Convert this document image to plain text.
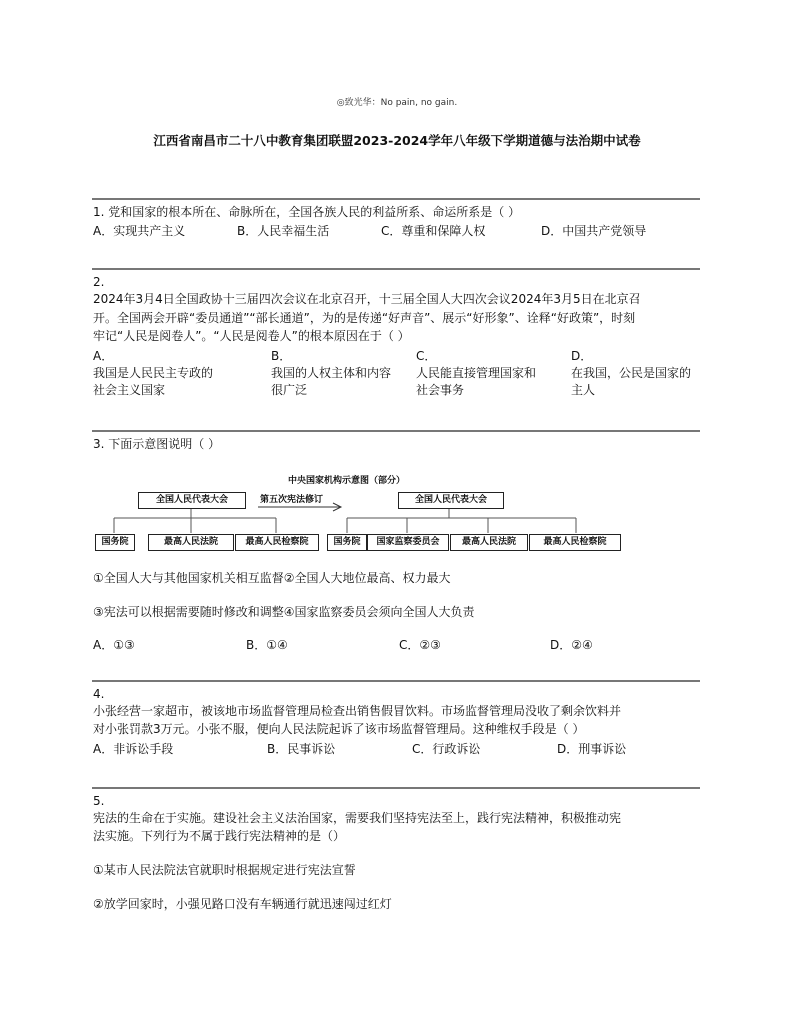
◎致光华：No pain, no gain.
江西省南昌市二十八中教育集团联盟2023-2024学年八年级下学期道德与法治期中试卷
1. 党和国家的根本所在、命脉所在，全国各族人民的利益所系、命运所系是（ ）
A．实现共产主义	B．人民幸福生活	C．尊重和保障人权	D．中国共产党领导
2.
2024年3月4日全国政协十三届四次会议在北京召开，十三届全国人大四次会议2024年3月5日在北京召
开。全国两会开辟“委员通道”“部长通道”，为的是传递“好声音”、展示“好形象”、诠释“好政策”，时刻
牢记“人民是阅卷人”。“人民是阅卷人”的根本原因在于（ ）
A．
我国是人民民主专政的社会主义国家
B．
我国的人权主体和内容很广泛
C．
人民能直接管理国家和社会事务
D．
在我国，公民是国家的主人
3. 下面示意图说明（ ）
中央国家机构示意图（部分）
第五次宪法修订
全国人民代表大会
国务院	最高人民法院	最高人民检察院
全国人民代表大会
国务院	国家监察委员会	最高人民法院	最高人民检察院
①全国人大与其他国家机关相互监督②全国人大地位最高、权力最大
③宪法可以根据需要随时修改和调整④国家监察委员会须向全国人大负责
A．①③	B．①④	C．②③	D．②④
4.
小张经营一家超市，被该地市场监督管理局检查出销售假冒饮料。市场监督管理局没收了剩余饮料并
对小张罚款3万元。小张不服，便向人民法院起诉了该市场监督管理局。这种维权手段是（ ）
A．非诉讼手段	B．民事诉讼	C．行政诉讼	D．刑事诉讼
5.
宪法的生命在于实施。建设社会主义法治国家，需要我们坚持宪法至上，践行宪法精神，积极推动宪
法实施。下列行为不属于践行宪法精神的是（）
①某市人民法院法官就职时根据规定进行宪法宣誓
②放学回家时，小强见路口没有车辆通行就迅速闯过红灯
